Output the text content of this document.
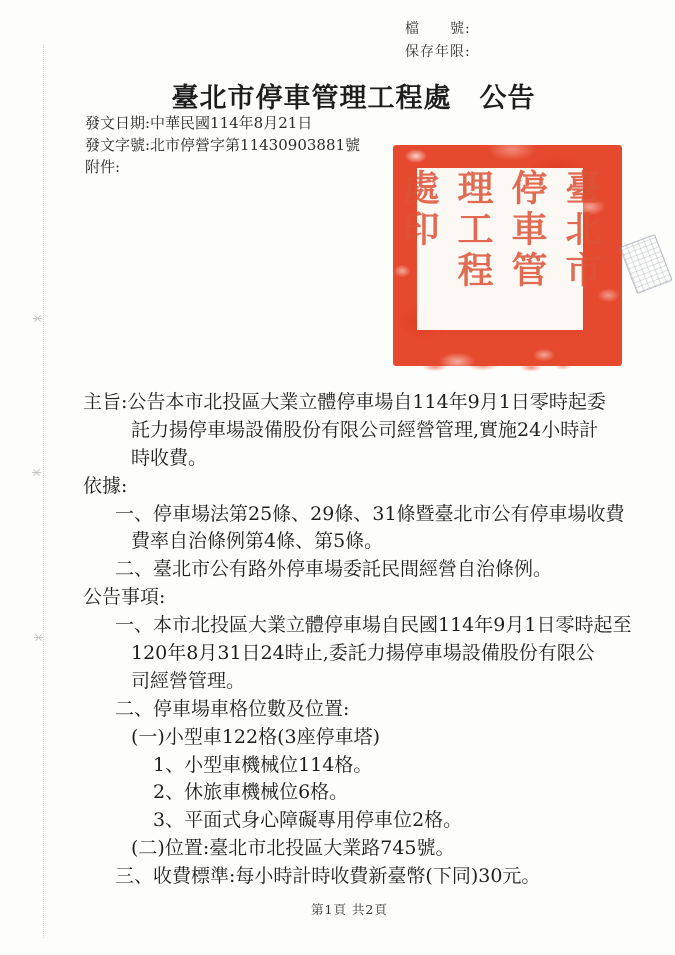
檔　　號:
保存年限:
臺北市停車管理工程處　公告
發文日期:中華民國114年8月21日
發文字號:北市停營字第11430903881號
附件:
臺北市停車管理工程處印
主旨:公告本市北投區大業立體停車場自114年9月1日零時起委
託力揚停車場設備股份有限公司經營管理,實施24小時計
時收費。
依據:
一、停車場法第25條、29條、31條暨臺北市公有停車場收費
費率自治條例第4條、第5條。
二、臺北市公有路外停車場委託民間經營自治條例。
公告事項:
一、本市北投區大業立體停車場自民國114年9月1日零時起至
120年8月31日24時止,委託力揚停車場設備股份有限公
司經營管理。
二、停車場車格位數及位置:
(一)小型車122格(3座停車塔)
1、小型車機械位114格。
2、休旅車機械位6格。
3、平面式身心障礙專用停車位2格。
(二)位置:臺北市北投區大業路745號。
三、收費標準:每小時計時收費新臺幣(下同)30元。
第1頁 共2頁
